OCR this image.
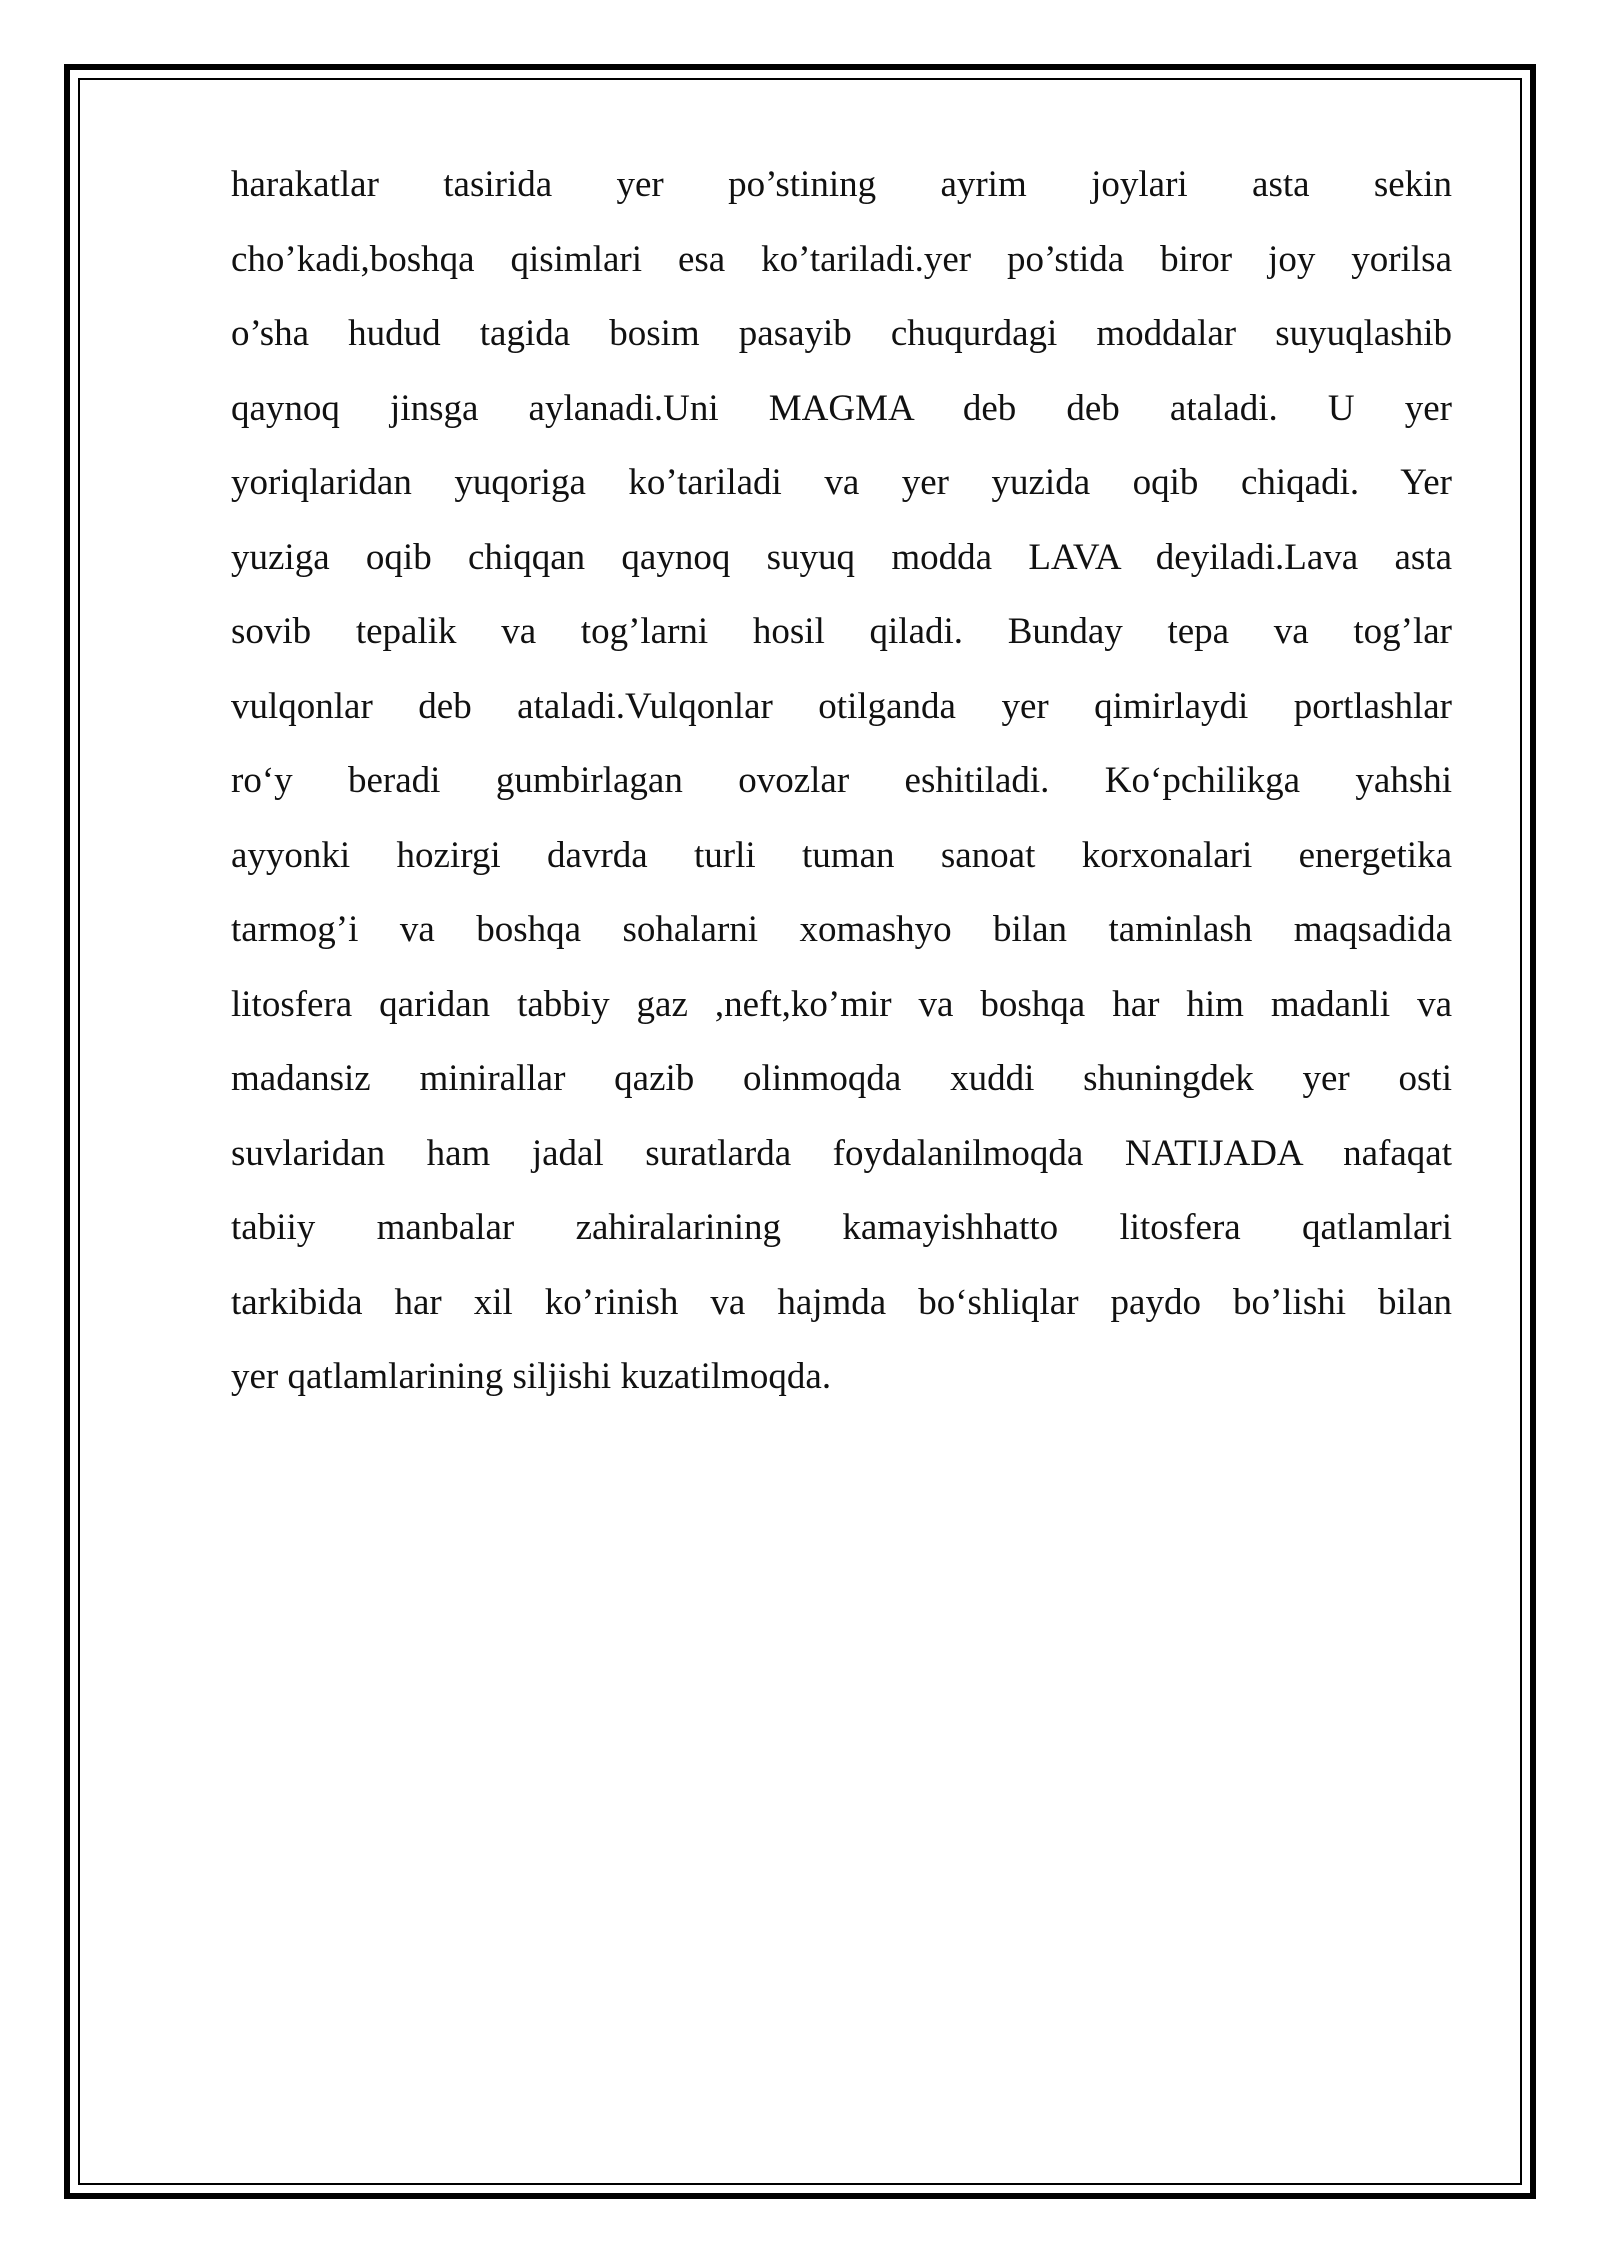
harakatlar tasirida yer po’stining ayrim joylari asta sekin
cho’kadi,boshqa qisimlari esa ko’tariladi.yer po’stida biror joy yorilsa
o’sha hudud tagida bosim pasayib chuqurdagi moddalar suyuqlashib
qaynoq jinsga aylanadi.Uni MAGMA deb deb ataladi. U yer
yoriqlaridan yuqoriga ko’tariladi va yer yuzida oqib chiqadi. Yer
yuziga oqib chiqqan qaynoq suyuq modda LAVA deyiladi.Lava asta
sovib tepalik va tog’larni hosil qiladi. Bunday tepa va tog’lar
vulqonlar deb ataladi.Vulqonlar otilganda yer qimirlaydi portlashlar
ro‘y beradi gumbirlagan ovozlar eshitiladi. Ko‘pchilikga yahshi
ayyonki hozirgi davrda turli tuman sanoat korxonalari energetika
tarmog’i va boshqa sohalarni xomashyo bilan taminlash maqsadida
litosfera qaridan tabbiy gaz ,neft,ko’mir va boshqa har him madanli va
madansiz minirallar qazib olinmoqda xuddi shuningdek yer osti
suvlaridan ham jadal suratlarda foydalanilmoqda NATIJADA nafaqat
tabiiy manbalar zahiralarining kamayishhatto litosfera qatlamlari
tarkibida har xil ko’rinish va hajmda bo‘shliqlar paydo bo’lishi bilan
yer qatlamlarining siljishi kuzatilmoqda.
